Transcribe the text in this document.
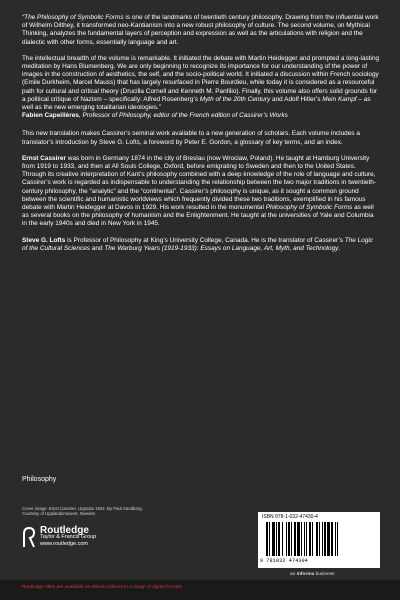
“The Philosophy of Symbolic Forms is one of the landmarks of twentieth century philosophy. Drawing from the influential work of Wilhelm Dilthey, it transformed neo-Kantianism into a new robust philosophy of culture. The second volume, on Mythical Thinking, analyzes the fundamental layers of perception and expression as well as the articulations with religion and the dialectic with other forms, essentially language and art.

The intellectual breadth of the volume is remarkable. It initiated the debate with Martin Heidegger and prompted a long-lasting meditation by Hans Blumenberg. We are only beginning to recognize its importance for our understanding of the power of images in the construction of aesthetics, the self, and the socio-political world. It initiated a discussion within French sociology (Emile Durkheim, Marcel Mauss) that has largely resurfaced in Pierre Bourdieu, while today it is considered as a resourceful path for cultural and critical theory (Drucilla Cornell and Kenneth M. Panfilio). Finally, this volume also offers solid grounds for a political critique of Nazism – specifically: Alfred Rosenberg’s Myth of the 20th Century and Adolf Hitler’s Mein Kampf – as well as the new emerging totalitarian ideologies.”

Fabien Capeillères, Professor of Philosophy, editor of the French edition of Cassirer’s Works

This new translation makes Cassirer’s seminal work available to a new generation of scholars. Each volume includes a translator’s introduction by Steve G. Lofts, a foreword by Peter E. Gordon, a glossary of key terms, and an index.

Ernst Cassirer was born in Germany 1874 in the city of Breslau (now Wroclaw, Poland). He taught at Hamburg University from 1919 to 1933, and then at All Souls College, Oxford, before emigrating to Sweden and then to the United States. Through its creative interpretation of Kant’s philosophy combined with a deep knowledge of the role of language and culture, Cassirer’s work is regarded as indispensable to understanding the relationship between the two major traditions in twentieth-century philosophy, the “analytic” and the “continental”. Cassirer’s philosophy is unique, as it sought a common ground between the scientific and humanistic worldviews which frequently divided these two traditions, exemplified in his famous debate with Martin Heidegger at Davos in 1929. His work resulted in the monumental Philosophy of Symbolic Forms as well as several books on the philosophy of humanism and the Enlightenment. He taught at the universities of Yale and Columbia in the early 1940s and died in New York in 1945.

Steve G. Lofts is Professor of Philosophy at King’s University College, Canada. He is the translator of Cassirer’s The Logic of the Cultural Sciences and The Warburg Years (1919-1933): Essays on Language, Art, Myth, and Technology.

Philosophy
Cover image: Ernst Cassirer, Uppsala 1934. By Paul Sandberg.
Courtesy of Upplandsmuseet, Sweden.
Routledge
Taylor & Francis Group
www.routledge.com
ISBN 978-1-032-47430-4
9 781032 474304
an informa business
Routledge titles are available as eBook editions in a range of digital formats
